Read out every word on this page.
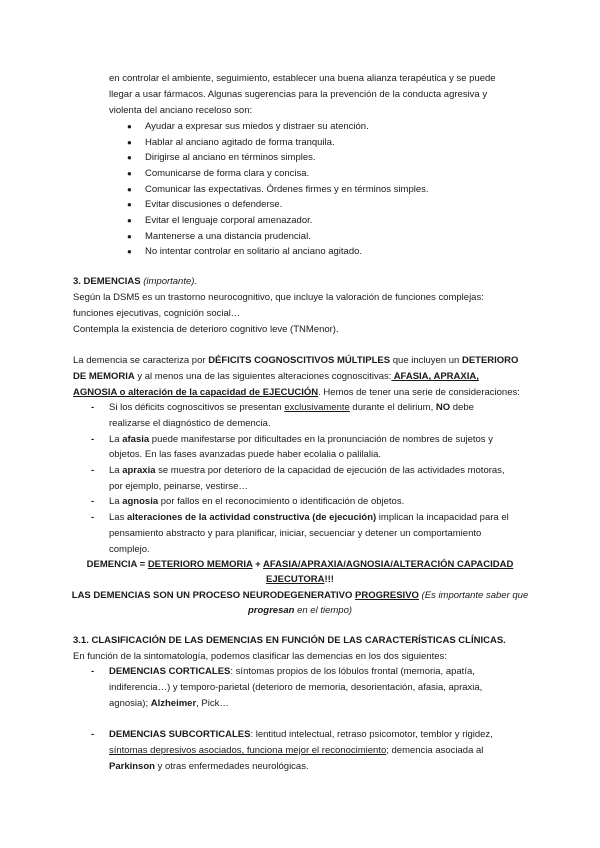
en controlar el ambiente, seguimiento, establecer una buena alianza terapéutica y se puede
llegar a usar fármacos. Algunas sugerencias para la prevención de la conducta agresiva y
violenta del anciano receloso son:
● Ayudar a expresar sus miedos y distraer su atención.
● Hablar al anciano agitado de forma tranquila.
● Dirigirse al anciano en términos simples.
● Comunicarse de forma clara y concisa.
● Comunicar las expectativas. Órdenes firmes y en términos simples.
● Evitar discusiones o defenderse.
● Evitar el lenguaje corporal amenazador.
● Mantenerse a una distancia prudencial.
● No intentar controlar en solitario al anciano agitado.
3. DEMENCIAS (importante).
Según la DSM5 es un trastorno neurocognitivo, que incluye la valoración de funciones complejas:
funciones ejecutivas, cognición social…
Contempla la existencia de deterioro cognitivo leve (TNMenor).
La demencia se caracteriza por DÉFICITS COGNOSCITIVOS MÚLTIPLES que incluyen un DETERIORO
DE MEMORIA y al menos una de las siguientes alteraciones cognoscitivas: AFASIA, APRAXIA,
AGNOSIA o alteración de la capacidad de EJECUCIÓN. Hemos de tener una serie de consideraciones:
- Si los déficits cognoscitivos se presentan exclusivamente durante el delirium, NO debe
realizarse el diagnóstico de demencia.
- La afasia puede manifestarse por dificultades en la pronunciación de nombres de sujetos y
objetos. En las fases avanzadas puede haber ecolalia o palilalia.
- La apraxia se muestra por deterioro de la capacidad de ejecución de las actividades motoras,
por ejemplo, peinarse, vestirse…
- La agnosia por fallos en el reconocimiento o identificación de objetos.
- Las alteraciones de la actividad constructiva (de ejecución) implican la incapacidad para el
pensamiento abstracto y para planificar, iniciar, secuenciar y detener un comportamiento
complejo.
DEMENCIA = DETERIORO MEMORIA + AFASIA/APRAXIA/AGNOSIA/ALTERACIÓN CAPACIDAD
EJECUTORA!!!
LAS DEMENCIAS SON UN PROCESO NEURODEGENERATIVO PROGRESIVO (Es importante saber que
progresan en el tiempo)
3.1. CLASIFICACIÓN DE LAS DEMENCIAS EN FUNCIÓN DE LAS CARACTERÍSTICAS CLÍNICAS.
En función de la sintomatología, podemos clasificar las demencias en los dos siguientes:
- DEMENCIAS CORTICALES: síntomas propios de los lóbulos frontal (memoria, apatía,
indiferencia…) y temporo-parietal (deterioro de memoria, desorientación, afasia, apraxia,
agnosia); Alzheimer, Pick…
- DEMENCIAS SUBCORTICALES: lentitud intelectual, retraso psicomotor, temblor y rigidez,
síntomas depresivos asociados, funciona mejor el reconocimiento; demencia asociada al
Parkinson y otras enfermedades neurológicas.
